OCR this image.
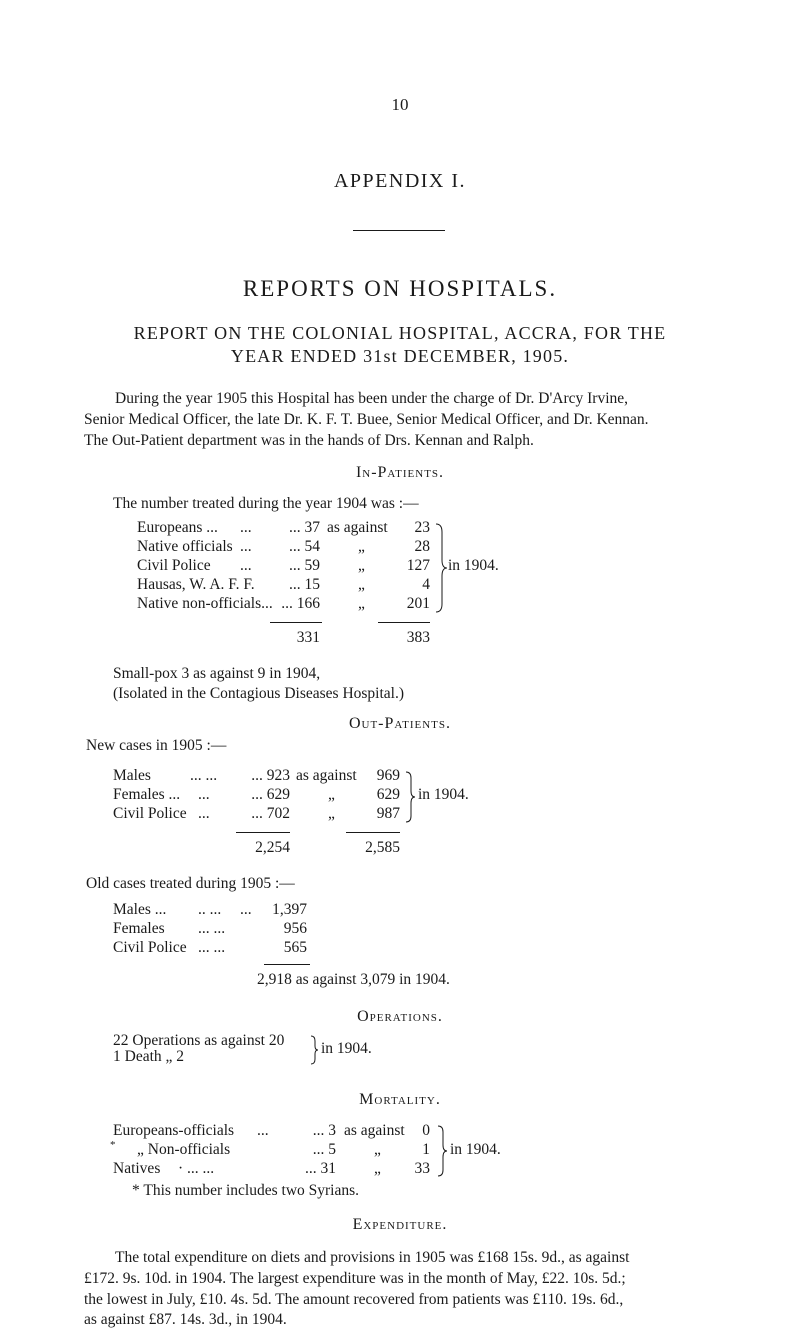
10
APPENDIX I.
REPORTS ON HOSPITALS.
REPORT ON THE COLONIAL HOSPITAL, ACCRA, FOR THE
YEAR ENDED 31st DECEMBER, 1905.
During the year 1905 this Hospital has been under the charge of Dr. D'Arcy Irvine,
Senior Medical Officer, the late Dr. K. F. T. Buee, Senior Medical Officer, and Dr. Kennan.
The Out-Patient department was in the hands of Drs. Kennan and Ralph.
In-Patients.
The number treated during the year 1904 was :—
Europeans ... ...	... 37 as against	23
Native officials ...	... 54 „	28
Civil Police ...	... 59 „	127
Hausas, W. A. F. F.	... 15 „	4
Native non-officials... ... 166 „	201
in 1904.
331	383
Small-pox 3 as against 9 in 1904,
(Isolated in the Contagious Diseases Hospital.)
Out-Patients.
New cases in 1905 :—
Males	... ...	... 923 as against	969
Females ... ...	... 629 „	629
Civil Police ...	... 702 „	987
in 1904.
2,254	2,585
Old cases treated during 1905 :—
Males ... .. ... ...	1,397
Females ... ...	956
Civil Police ... ...	565
2,918 as against 3,079 in 1904.
Operations.
22 Operations as against 20
1 Death „ 2	in 1904.
Mortality.
Europeans-officials ...	... 3 as against	0
* „ Non-officials	... 5 „	1
Natives · ... ...	... 31 „	33
in 1904.
* This number includes two Syrians.
Expenditure.
The total expenditure on diets and provisions in 1905 was £168 15s. 9d., as against
£172. 9s. 10d. in 1904. The largest expenditure was in the month of May, £22. 10s. 5d.;
the lowest in July, £10. 4s. 5d. The amount recovered from patients was £110. 19s. 6d.,
as against £87. 14s. 3d., in 1904.
